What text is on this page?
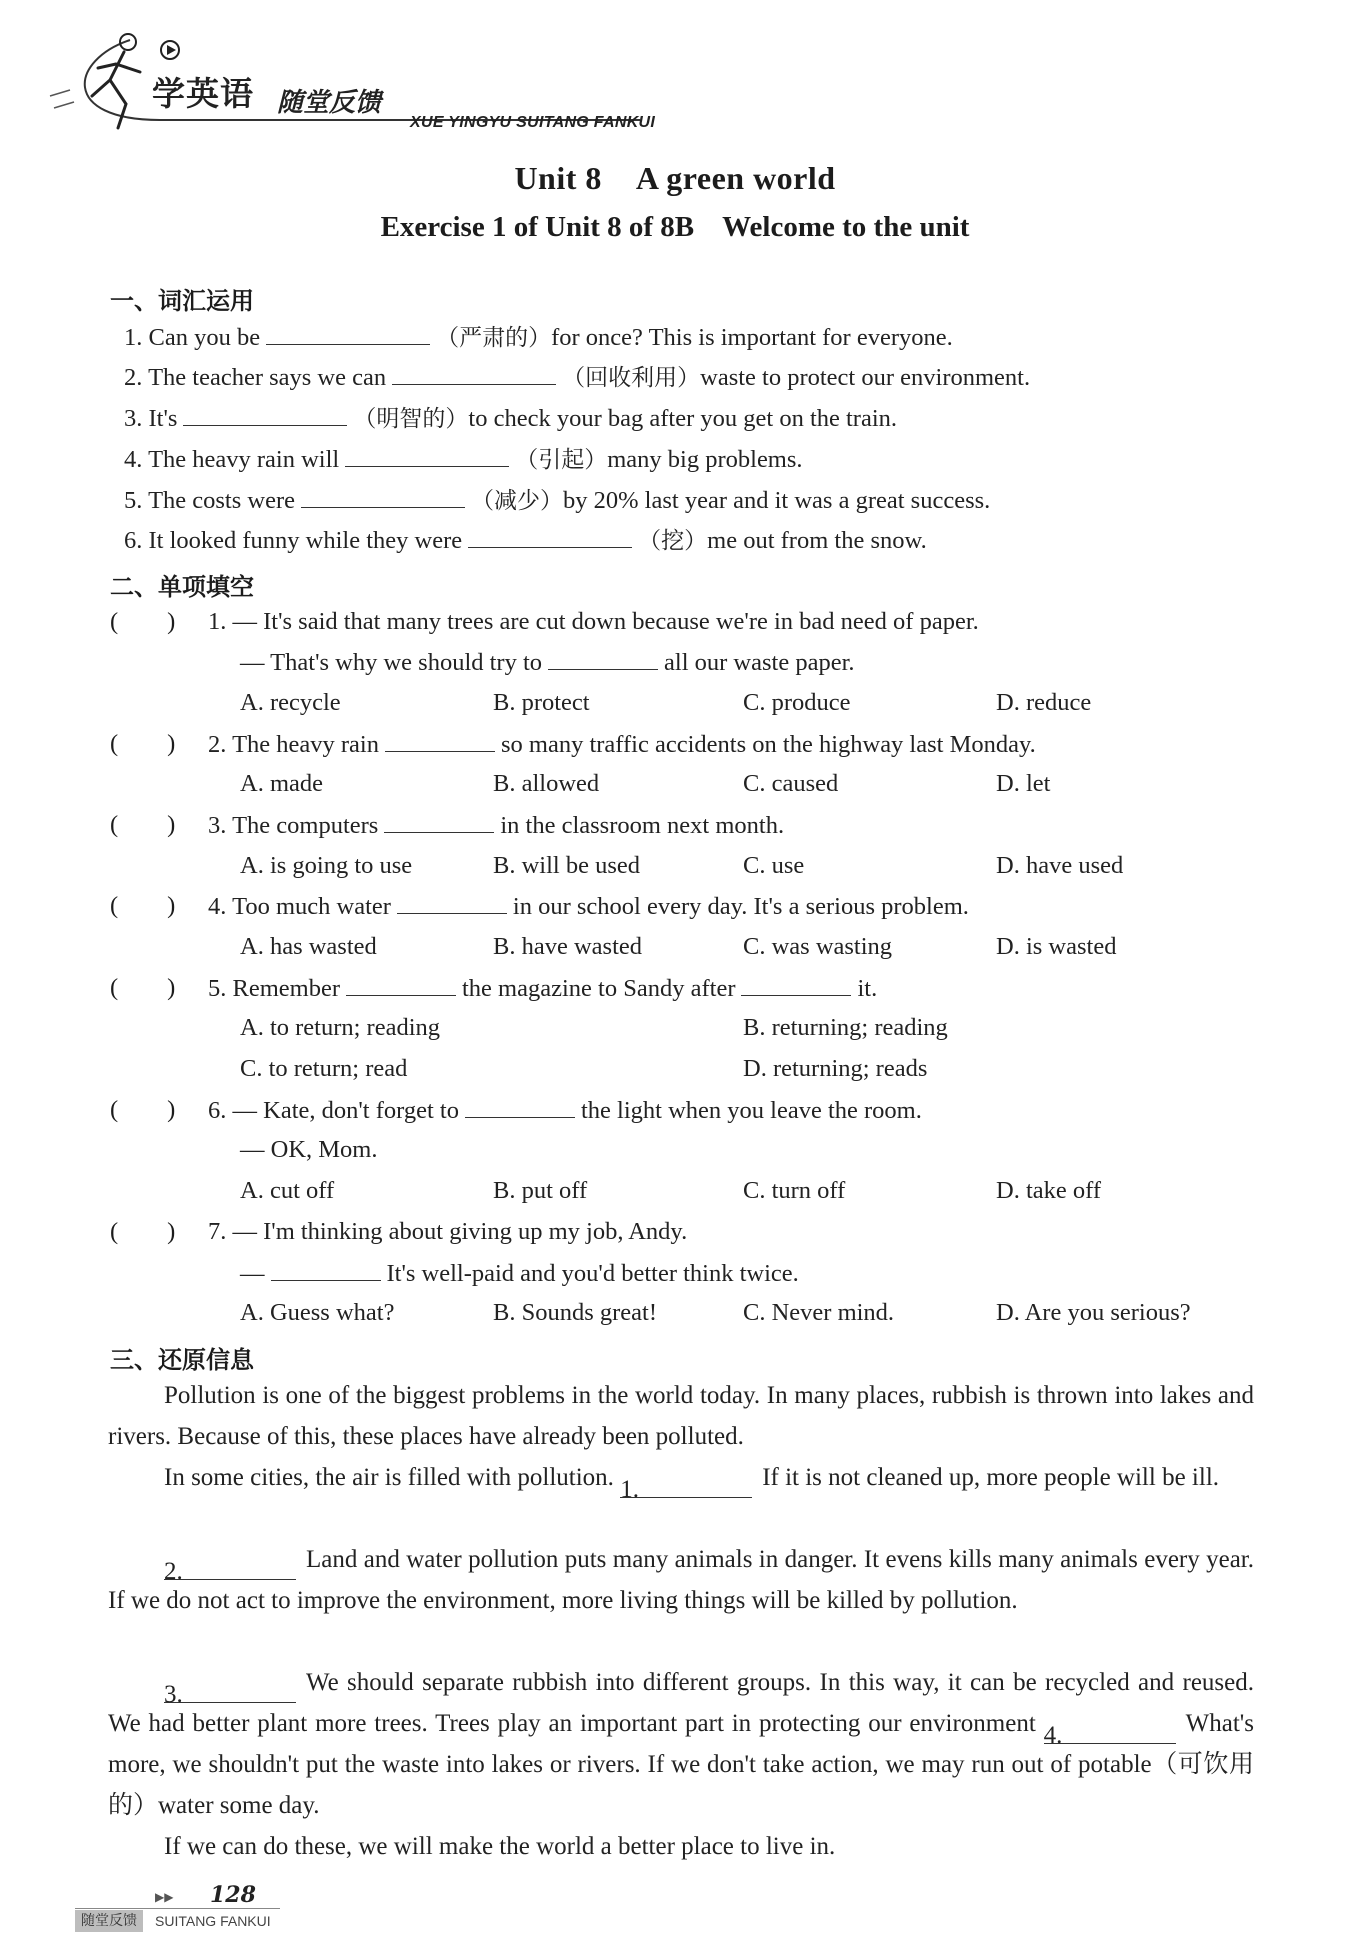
学英语 随堂反馈
XUE YINGYU SUITANG FANKUI
Unit 8 A green world
Exercise 1 of Unit 8 of 8B Welcome to the unit
一、词汇运用
1. Can you be	（严肃的）for once? This is important for everyone.
2. The teacher says we can	（回收利用）waste to protect our environment.
3. It's	（明智的）to check your bag after you get on the train.
4. The heavy rain will	（引起）many big problems.
5. The costs were	（减少）by 20% last year and it was a great success.
6. It looked funny while they were	（挖）me out from the snow.
二、单项填空
(　　) 1. — It's said that many trees are cut down because we're in bad need of paper.
— That's why we should try to	all our waste paper.
A. recycle	B. protect	C. produce	D. reduce
(　　) 2. The heavy rain	so many traffic accidents on the highway last Monday.
A. made	B. allowed	C. caused	D. let
(　　) 3. The computers	in the classroom next month.
A. is going to use	B. will be used	C. use	D. have used
(　　) 4. Too much water	in our school every day. It's a serious problem.
A. has wasted	B. have wasted	C. was wasting	D. is wasted
(　　) 5. Remember	the magazine to Sandy after	it.
A. to return; reading	B. returning; reading
C. to return; read	D. returning; reads
(　　) 6. — Kate, don't forget to	the light when you leave the room.
— OK, Mom.
A. cut off	B. put off	C. turn off	D. take off
(　　) 7. — I'm thinking about giving up my job, Andy.
—	It's well-paid and you'd better think twice.
A. Guess what?	B. Sounds great!	C. Never mind.	D. Are you serious?
三、还原信息
Pollution is one of the biggest problems in the world today. In many places, rubbish is thrown into lakes and rivers. Because of this, these places have already been polluted.
In some cities, the air is filled with pollution. 1.	If it is not cleaned up, more people will be ill.
2.	Land and water pollution puts many animals in danger. It evens kills many animals every year. If we do not act to improve the environment, more living things will be killed by pollution.
3.	We should separate rubbish into different groups. In this way, it can be recycled and reused. We had better plant more trees. Trees play an important part in protecting our environment 4.	What's more, we shouldn't put the waste into lakes or rivers. If we don't take action, we may run out of potable（可饮用的）water some day.
If we can do these, we will make the world a better place to live in.
▶▶ 128
随堂反馈	SUITANG FANKUI
